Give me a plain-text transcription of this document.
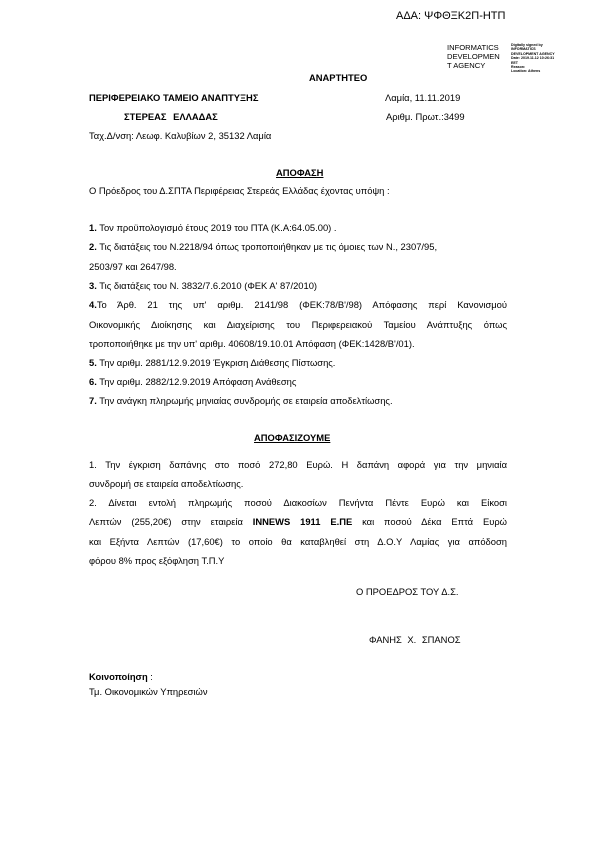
ΑΔΑ: ΨΦΘΞΚ2Π-ΗΤΠ
INFORMATICS
DEVELOPMEN
T AGENCY
Digitally signed by
INFORMATICS
DEVELOPMENT AGENCY
Date: 2019.11.12 10:26:31
EET
Reason:
Location: Athens
ΑΝΑΡΤΗΤΕΟ
ΠΕΡΙΦΕΡΕΙΑΚΟ ΤΑΜΕΙΟ ΑΝΑΠΤΥΞΗΣ
ΣΤΕΡΕΑΣ ΕΛΛΑΔΑΣ
Ταχ.Δ/νση: Λεωφ. Καλυβίων 2, 35132 Λαμία
Λαμία, 11.11.2019
Αριθμ. Πρωτ.:3499
ΑΠΟΦΑΣΗ
Ο Πρόεδρος του Δ.ΣΠΤΑ Περιφέρειας Στερεάς Ελλάδας έχοντας υπόψη :
1. Τον προϋπολογισμό έτους 2019 του ΠΤΑ (Κ.Α:64.05.00) .
2. Τις διατάξεις του Ν.2218/94 όπως τροποποιήθηκαν με τις όμοιες των Ν., 2307/95,
2503/97 και 2647/98.
3. Τις διατάξεις του Ν. 3832/7.6.2010 (ΦΕΚ Α' 87/2010)
4.Το Άρθ. 21 της υπ' αριθμ. 2141/98 (ΦΕΚ:78/Β'/98) Απόφασης περί Κανονισμού
Οικονομικής Διοίκησης και Διαχείρισης του Περιφερειακού Ταμείου Ανάπτυξης όπως
τροποποιήθηκε με την υπ' αριθμ. 40608/19.10.01 Απόφαση (ΦΕΚ:1428/Β'/01).
5. Την αριθμ. 2881/12.9.2019 Έγκριση Διάθεσης Πίστωσης.
6. Την αριθμ. 2882/12.9.2019 Απόφαση Ανάθεσης
7. Την ανάγκη πληρωμής μηνιαίας συνδρομής σε εταιρεία αποδελτίωσης.
ΑΠΟΦΑΣΙΖΟΥΜΕ
1. Την έγκριση δαπάνης στο ποσό 272,80 Ευρώ. Η δαπάνη αφορά για την μηνιαία
συνδρομή σε εταιρεία αποδελτίωσης.
2. Δίνεται εντολή πληρωμής ποσού Διακοσίων Πενήντα Πέντε Ευρώ και Είκοσι
Λεπτών (255,20€) στην εταιρεία INNEWS 1911 Ε.ΠΕ και ποσού Δέκα Επτά Ευρώ
και Εξήντα Λεπτών (17,60€) το οποίο θα καταβληθεί στη Δ.Ο.Υ Λαμίας για απόδοση
φόρου 8% προς εξόφληση Τ.Π.Υ
Ο ΠΡΟΕΔΡΟΣ ΤΟΥ Δ.Σ.
ΦΑΝΗΣ Χ. ΣΠΑΝΟΣ
Κοινοποίηση :
Τμ. Οικονομικών Υπηρεσιών
